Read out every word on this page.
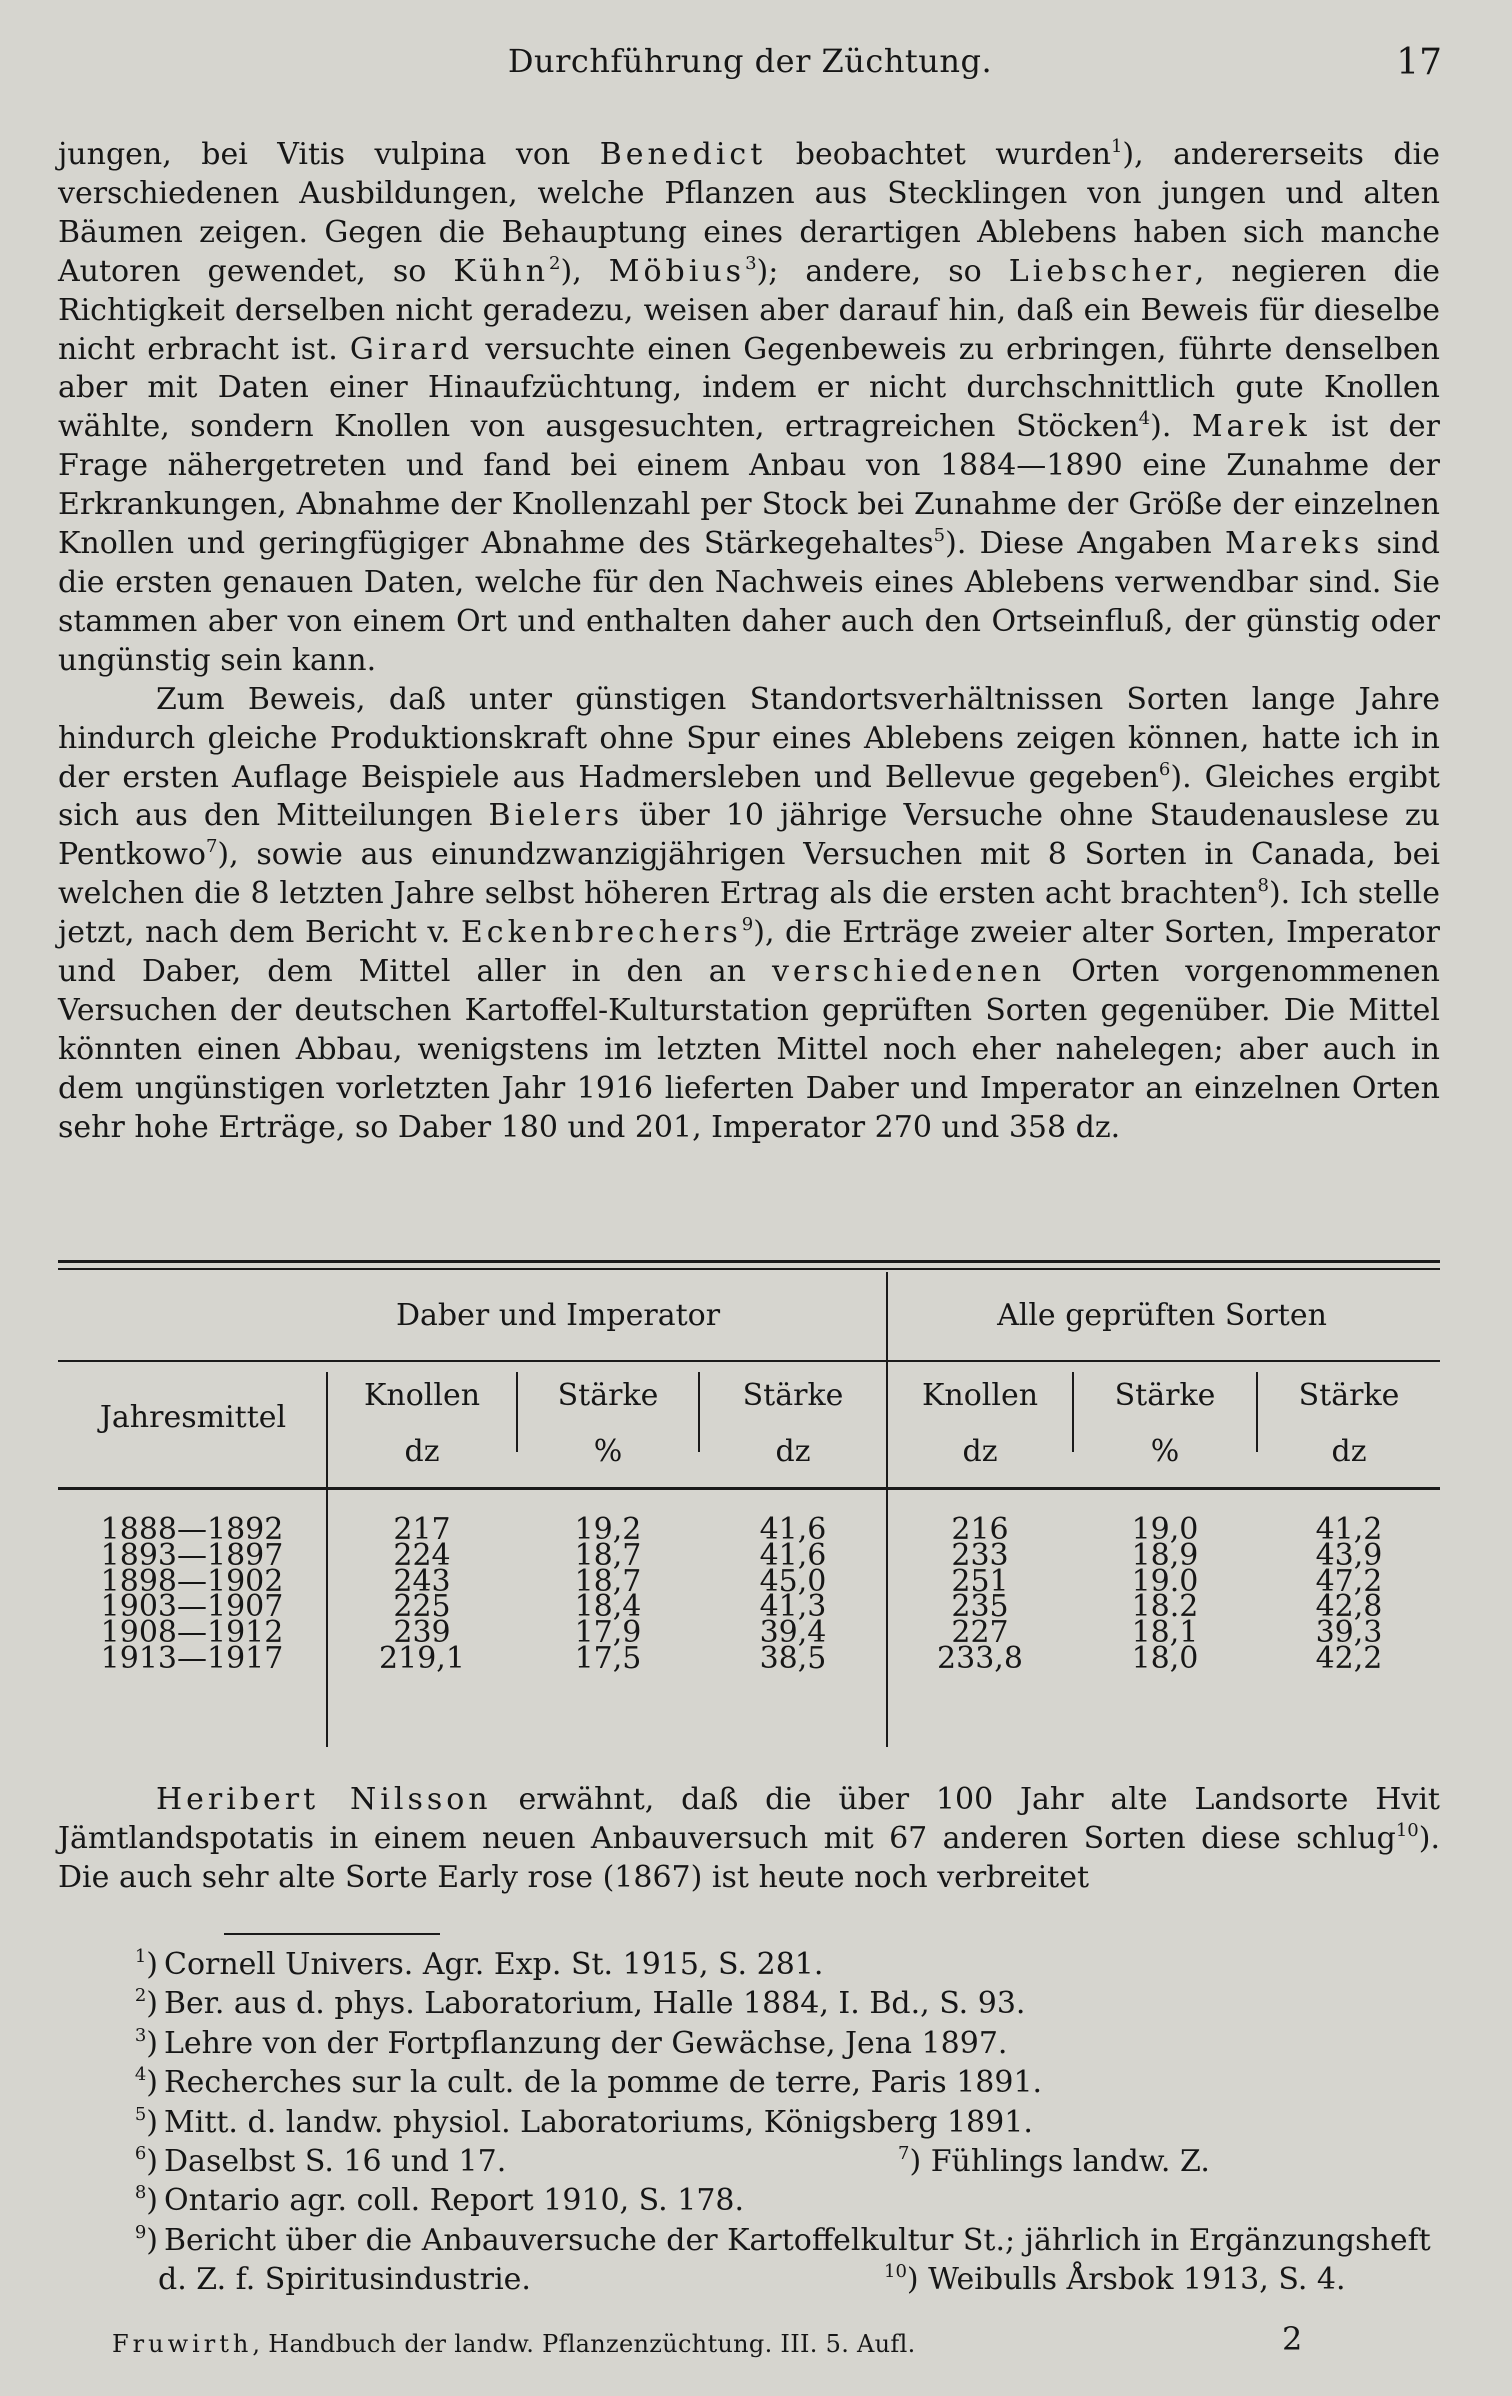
Durchführung der Züchtung.	17

jungen, bei Vitis vulpina von Benedict beobachtet wurden$^1$), andererseits die verschiedenen Ausbildungen, welche Pflanzen aus Stecklingen von jungen und alten Bäumen zeigen. Gegen die Behauptung eines derartigen Ablebens haben sich manche Autoren gewendet, so Kühn$^2$), Möbius$^3$); andere, so Liebscher, negieren die Richtigkeit derselben nicht geradezu, weisen aber darauf hin, daß ein Beweis für dieselbe nicht erbracht ist. Girard versuchte einen Gegenbeweis zu erbringen, führte denselben aber mit Daten einer Hinaufzüchtung, indem er nicht durchschnittlich gute Knollen wählte, sondern Knollen von ausgesuchten, ertragreichen Stöcken$^4$). Marek ist der Frage nähergetreten und fand bei einem Anbau von 1884—1890 eine Zunahme der Erkrankungen, Abnahme der Knollenzahl per Stock bei Zunahme der Größe der einzelnen Knollen und geringfügiger Abnahme des Stärkegehaltes$^5$). Diese Angaben Mareks sind die ersten genauen Daten, welche für den Nachweis eines Ablebens verwendbar sind. Sie stammen aber von einem Ort und enthalten daher auch den Ortseinfluß, der günstig oder ungünstig sein kann.

Zum Beweis, daß unter günstigen Standortsverhältnissen Sorten lange Jahre hindurch gleiche Produktionskraft ohne Spur eines Ablebens zeigen können, hatte ich in der ersten Auflage Beispiele aus Hadmersleben und Bellevue gegeben$^6$). Gleiches ergibt sich aus den Mitteilungen Bielers über 10 jährige Versuche ohne Staudenauslese zu Pentkowo$^7$), sowie aus einundzwanzigjährigen Versuchen mit 8 Sorten in Canada, bei welchen die 8 letzten Jahre selbst höheren Ertrag als die ersten acht brachten$^8$). Ich stelle jetzt, nach dem Bericht v. Eckenbrechers$^9$), die Erträge zweier alter Sorten, Imperator und Daber, dem Mittel aller in den an verschiedenen Orten vorgenommenen Versuchen der deutschen Kartoffel-Kulturstation geprüften Sorten gegenüber. Die Mittel könnten einen Abbau, wenigstens im letzten Mittel noch eher nahelegen; aber auch in dem ungünstigen vorletzten Jahr 1916 lieferten Daber und Imperator an einzelnen Orten sehr hohe Erträge, so Daber 180 und 201, Imperator 270 und 358 dz.

Daber und Imperator	Alle geprüften Sorten
Jahresmittel
Knollen	Stärke	Stärke	Knollen	Stärke	Stärke
dz	%	dz	dz	%	dz
1888—1892	217	19,2	41,6	216	19,0	41,2
1893—1897	224	18,7	41,6	233	18,9	43,9
1898—1902	243	18,7	45,0	251	19.0	47,2
1903—1907	225	18,4	41,3	235	18.2	42,8
1908—1912	239	17,9	39,4	227	18,1	39,3
1913—1917	219,1	17,5	38,5	233,8	18,0	42,2

Heribert Nilsson erwähnt, daß die über 100 Jahr alte Landsorte Hvit Jämtlandspotatis in einem neuen Anbauversuch mit 67 anderen Sorten diese schlug$^{10}$). Die auch sehr alte Sorte Early rose (1867) ist heute noch verbreitet

$^1$) Cornell Univers. Agr. Exp. St. 1915, S. 281.
$^2$) Ber. aus d. phys. Laboratorium, Halle 1884, I. Bd., S. 93.
$^3$) Lehre von der Fortpflanzung der Gewächse, Jena 1897.
$^4$) Recherches sur la cult. de la pomme de terre, Paris 1891.
$^5$) Mitt. d. landw. physiol. Laboratoriums, Königsberg 1891.
$^6$) Daselbst S. 16 und 17.	$^7$) Fühlings landw. Z.
$^8$) Ontario agr. coll. Report 1910, S. 178.
$^9$) Bericht über die Anbauversuche der Kartoffelkultur St.; jährlich in Ergänzungsheft d. Z. f. Spiritusindustrie.	$^{10}$) Weibulls Årsbok 1913, S. 4.
Fruwirth, Handbuch der landw. Pflanzenzüchtung. III. 5. Aufl.	2
